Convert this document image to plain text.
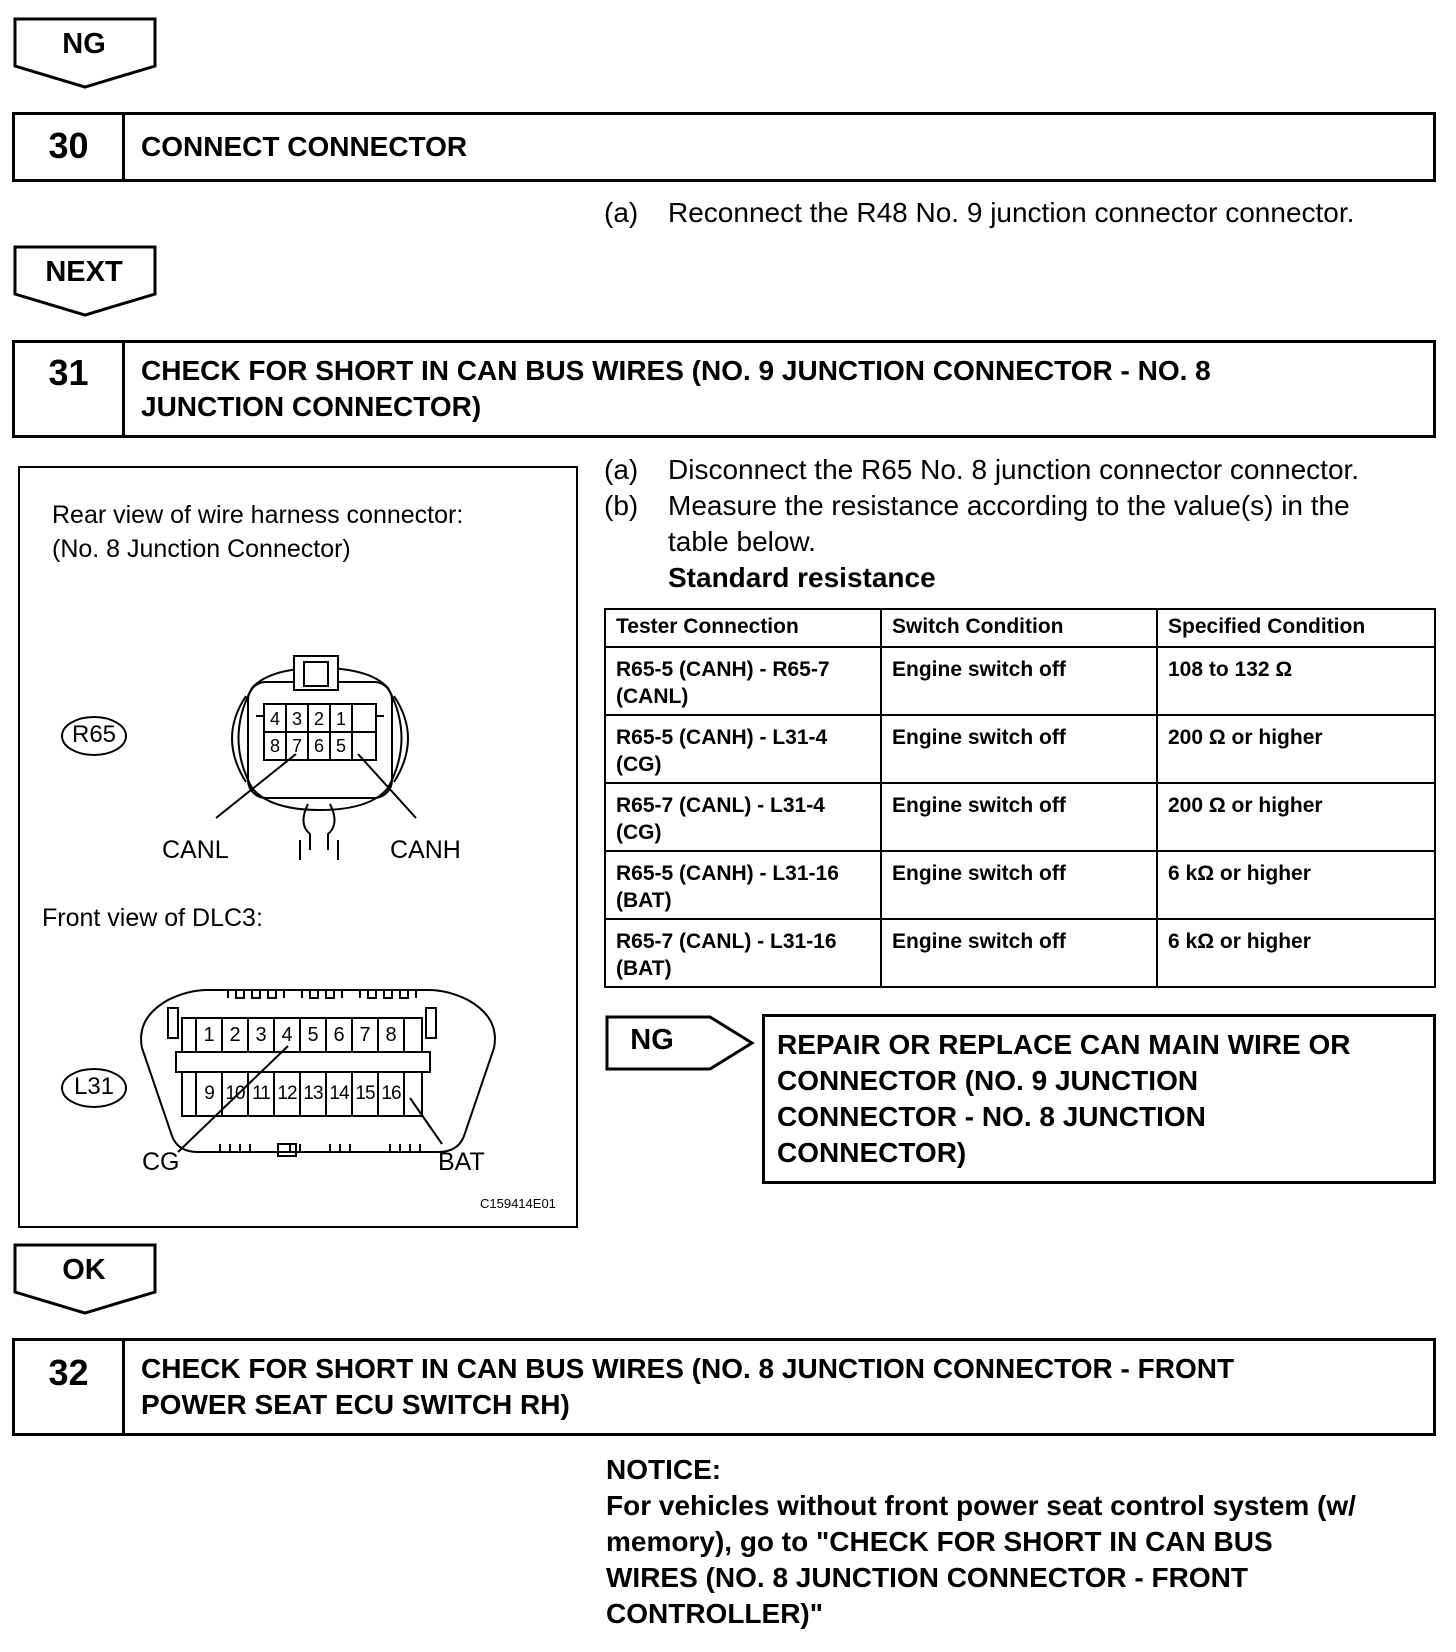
NG
30	CONNECT CONNECTOR
(a) Reconnect the R48 No. 9 junction connector connector.
NEXT
31	CHECK FOR SHORT IN CAN BUS WIRES (NO. 9 JUNCTION CONNECTOR - NO. 8
JUNCTION CONNECTOR)
Rear view of wire harness connector:
(No. 8 Junction Connector)
R65
4 3 2 1
8 7 6 5
CANL	CANH
Front view of DLC3:
L31
1 2 3 4 5 6 7 8
9 10 11 12 13 14 15 16
CG	BAT
C159414E01
(a) Disconnect the R65 No. 8 junction connector connector.
(b) Measure the resistance according to the value(s) in the
table below.
Standard resistance
Tester Connection	Switch Condition	Specified Condition
R65-5 (CANH) - R65-7
(CANL)	Engine switch off	108 to 132 Ω
R65-5 (CANH) - L31-4
(CG)	Engine switch off	200 Ω or higher
R65-7 (CANL) - L31-4
(CG)	Engine switch off	200 Ω or higher
R65-5 (CANH) - L31-16
(BAT)	Engine switch off	6 kΩ or higher
R65-7 (CANL) - L31-16
(BAT)	Engine switch off	6 kΩ or higher
NG	REPAIR OR REPLACE CAN MAIN WIRE OR
CONNECTOR (NO. 9 JUNCTION
CONNECTOR - NO. 8 JUNCTION
CONNECTOR)
OK
32	CHECK FOR SHORT IN CAN BUS WIRES (NO. 8 JUNCTION CONNECTOR - FRONT
POWER SEAT ECU SWITCH RH)
NOTICE:
For vehicles without front power seat control system (w/
memory), go to "CHECK FOR SHORT IN CAN BUS
WIRES (NO. 8 JUNCTION CONNECTOR - FRONT
CONTROLLER)"
